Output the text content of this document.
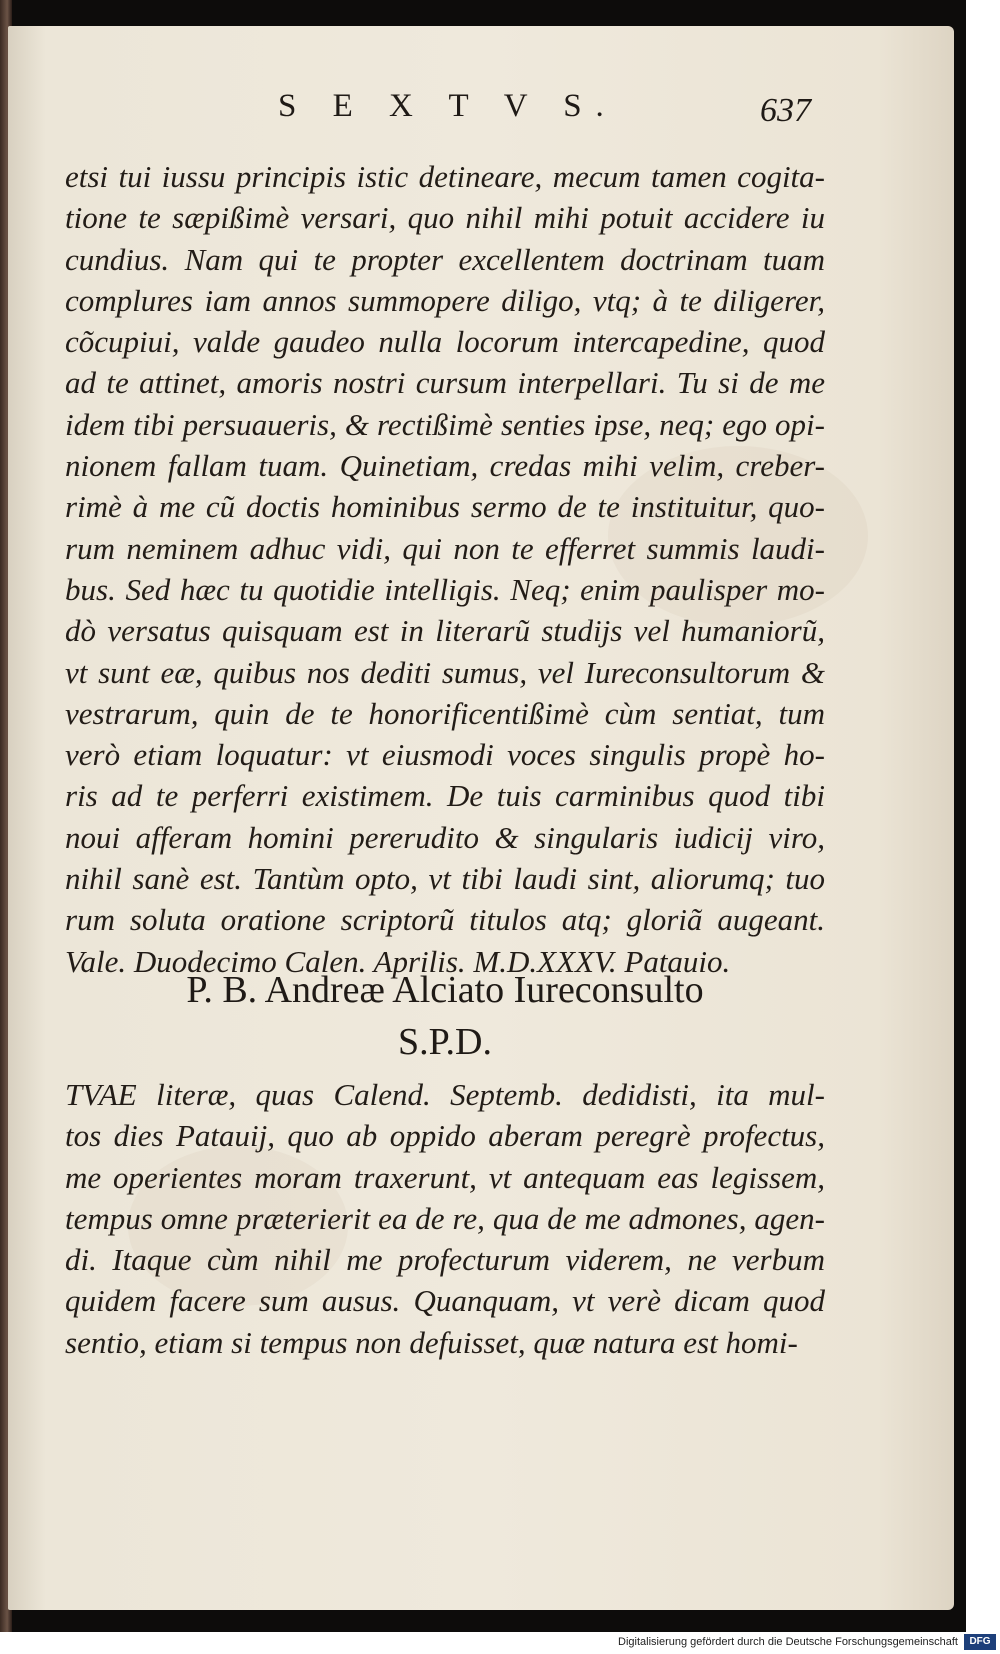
S E X T V S.	637
etsi tui iussu principis istic detineare, mecum tamen cogita-
tione te sæpißimè versari, quo nihil mihi potuit accidere iu
cundius. Nam qui te propter excellentem doctrinam tuam
complures iam annos summopere diligo, vtq; à te diligerer,
cõcupiui, valde gaudeo nulla locorum intercapedine, quod
ad te attinet, amoris nostri cursum interpellari. Tu si de me
idem tibi persuaueris, & rectißimè senties ipse, neq; ego opi-
nionem fallam tuam. Quinetiam, credas mihi velim, creber-
rimè à me cũ doctis hominibus sermo de te instituitur, quo-
rum neminem adhuc vidi, qui non te efferret summis laudi-
bus. Sed hæc tu quotidie intelligis. Neq; enim paulisper mo-
dò versatus quisquam est in literarũ studijs vel humaniorũ,
vt sunt eæ, quibus nos dediti sumus, vel Iureconsultorum &
vestrarum, quin de te honorificentißimè cùm sentiat, tum
verò etiam loquatur: vt eiusmodi voces singulis propè ho-
ris ad te perferri existimem. De tuis carminibus quod tibi
noui afferam homini pereruditо & singularis iudicij viro,
nihil sanè est. Tantùm opto, vt tibi laudi sint, aliorumq; tuo
rum soluta oratione scriptorũ titulos atq; gloriã augeant.
Vale. Duodecimo Calen. Aprilis. M.D.XXXV. Patauio.
P. B. Andreæ Alciato Iureconsulto
S.P.D.
TVAE literæ, quas Calend. Septemb. dedidisti, ita mul-
tos dies Patauij, quo ab oppido aberam peregrè profectus,
me operientes moram traxerunt, vt antequam eas legissem,
tempus omne præterierit ea de re, qua de me admones, agen-
di. Itaque cùm nihil me profecturum viderem, ne verbum
quidem facere sum ausus. Quanquam, vt verè dicam quod
sentio, etiam si tempus non defuisset, quæ natura est homi-
Digitalisierung gefördert durch die Deutsche Forschungsgemeinschaft	DFG
